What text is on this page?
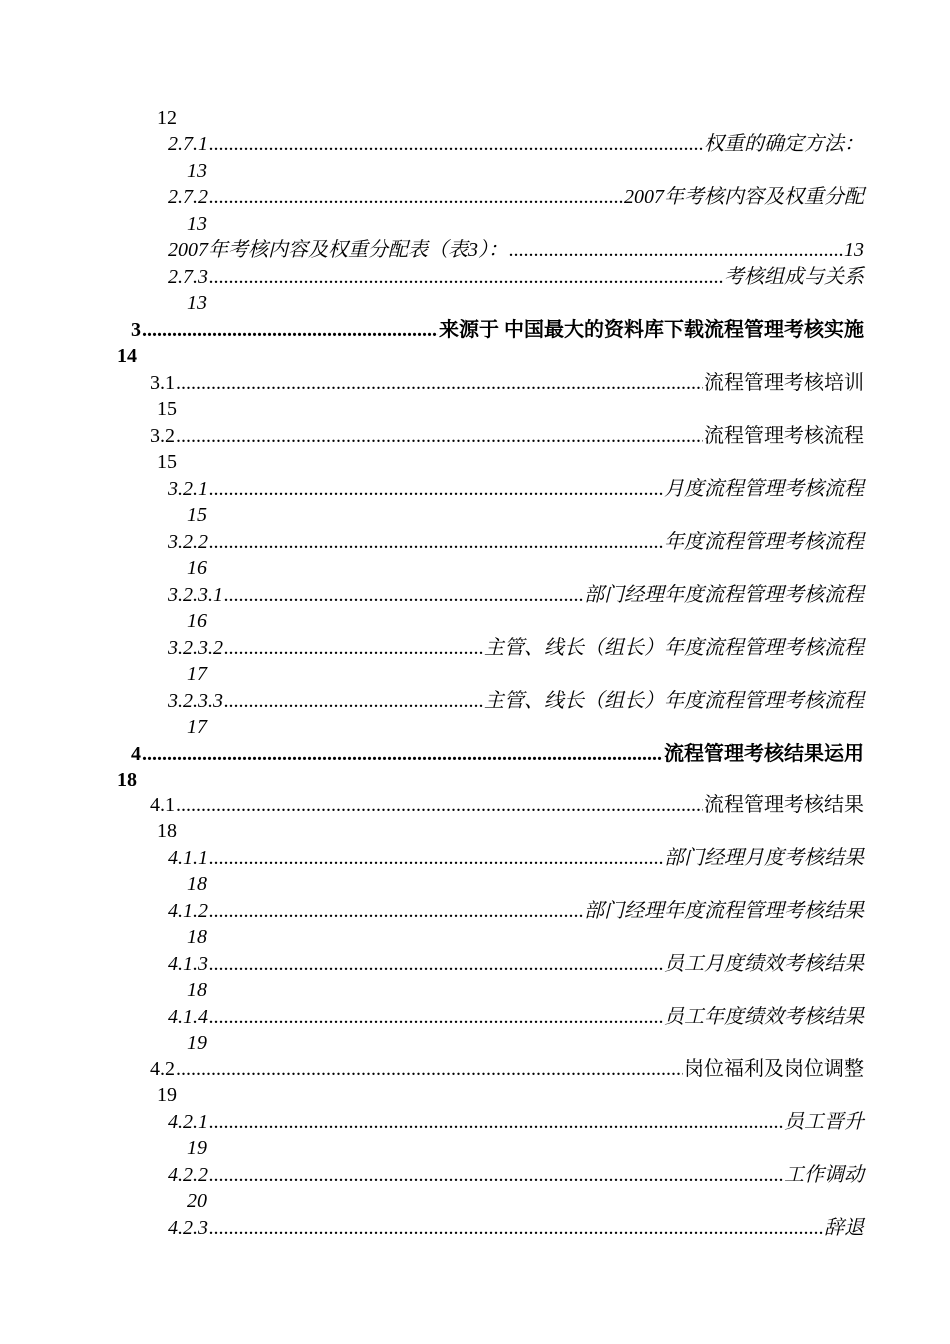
12
2.7.1 .....	权重的确定方法：
13
2.7.2 .....	2007年考核内容及权重分配
13
2007年考核内容及权重分配表（表3）： .....	13
2.7.3 .....	考核组成与关系
13
3 .....	来源于 中国最大的资料库下载流程管理考核实施
14
3.1 .....	流程管理考核培训
15
3.2 .....	流程管理考核流程
15
3.2.1 .....	月度流程管理考核流程
15
3.2.2 .....	年度流程管理考核流程
16
3.2.3.1 .....	部门经理年度流程管理考核流程
16
3.2.3.2 .....	主管、线长（组长）年度流程管理考核流程
17
3.2.3.3 .....	主管、线长（组长）年度流程管理考核流程
17
4 .....	流程管理考核结果运用
18
4.1 .....	流程管理考核结果
18
4.1.1 .....	部门经理月度考核结果
18
4.1.2 .....	部门经理年度流程管理考核结果
18
4.1.3 .....	员工月度绩效考核结果
18
4.1.4 .....	员工年度绩效考核结果
19
4.2 .....	岗位福利及岗位调整
19
4.2.1 .....	员工晋升
19
4.2.2 .....	工作调动
20
4.2.3 .....	辞退
